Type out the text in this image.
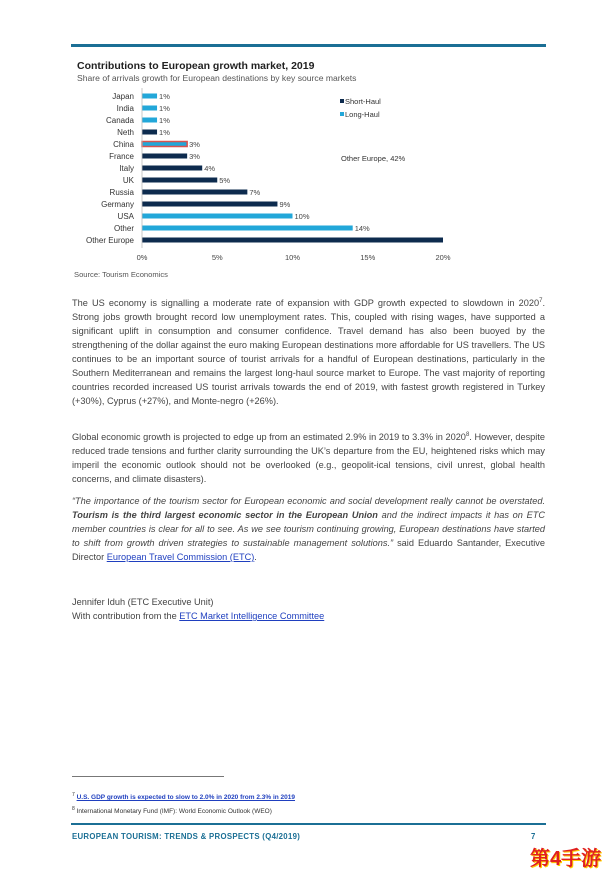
Contributions to European growth market, 2019
Share of arrivals growth for European destinations by key source markets
Japan	1%
India	1%
Canada	1%
Neth	1%
China	3%
France	3%
Italy	4%
UK	5%
Russia	7%
Germany	9%
USA	10%
Other	14%
Other Europe
0%	5%	10%	15%	20%
Short-Haul
Long-Haul
Other Europe, 42%
Source: Tourism Economics
The US economy is signalling a moderate rate of expansion with GDP growth expected to slowdown in 2020$^7$. Strong jobs growth brought record low unemployment rates. This, coupled with rising wages, have supported a significant uplift in consumption and consumer confidence. Travel demand has also been buoyed by the strengthening of the dollar against the euro making European destinations more affordable for US travellers. The US continues to be an important source of tourist arrivals for a handful of European destinations, particularly in the Southern Mediterranean and remains the largest long-haul source market to Europe. The vast majority of reporting countries recorded increased US tourist arrivals towards the end of 2019, with fastest growth registered in Turkey (+30%), Cyprus (+27%), and Monte-negro (+26%).
Global economic growth is projected to edge up from an estimated 2.9% in 2019 to 3.3% in 2020$^8$. However, despite reduced trade tensions and further clarity surrounding the UK’s departure from the EU, heightened risks which may imperil the economic outlook should not be overlooked (e.g., geopolit-ical tensions, civil unrest, global health concerns, and climate disasters).
“The importance of the tourism sector for European economic and social development really cannot be overstated. Tourism is the third largest economic sector in the European Union and the indirect impacts it has on ETC member countries is clear for all to see. As we see tourism continuing growing, European destinations have started to shift from growth driven strategies to sustainable management solutions.” said Eduardo Santander, Executive Director European Travel Commission (ETC).
Jennifer Iduh (ETC Executive Unit)
With contribution from the ETC Market Intelligence Committee
$^7$ U.S. GDP growth is expected to slow to 2.0% in 2020 from 2.3% in 2019
$^8$ International Monetary Fund (IMF): World Economic Outlook (WEO)
EUROPEAN TOURISM: TRENDS & PROSPECTS (Q4/2019)	7
第4手游
